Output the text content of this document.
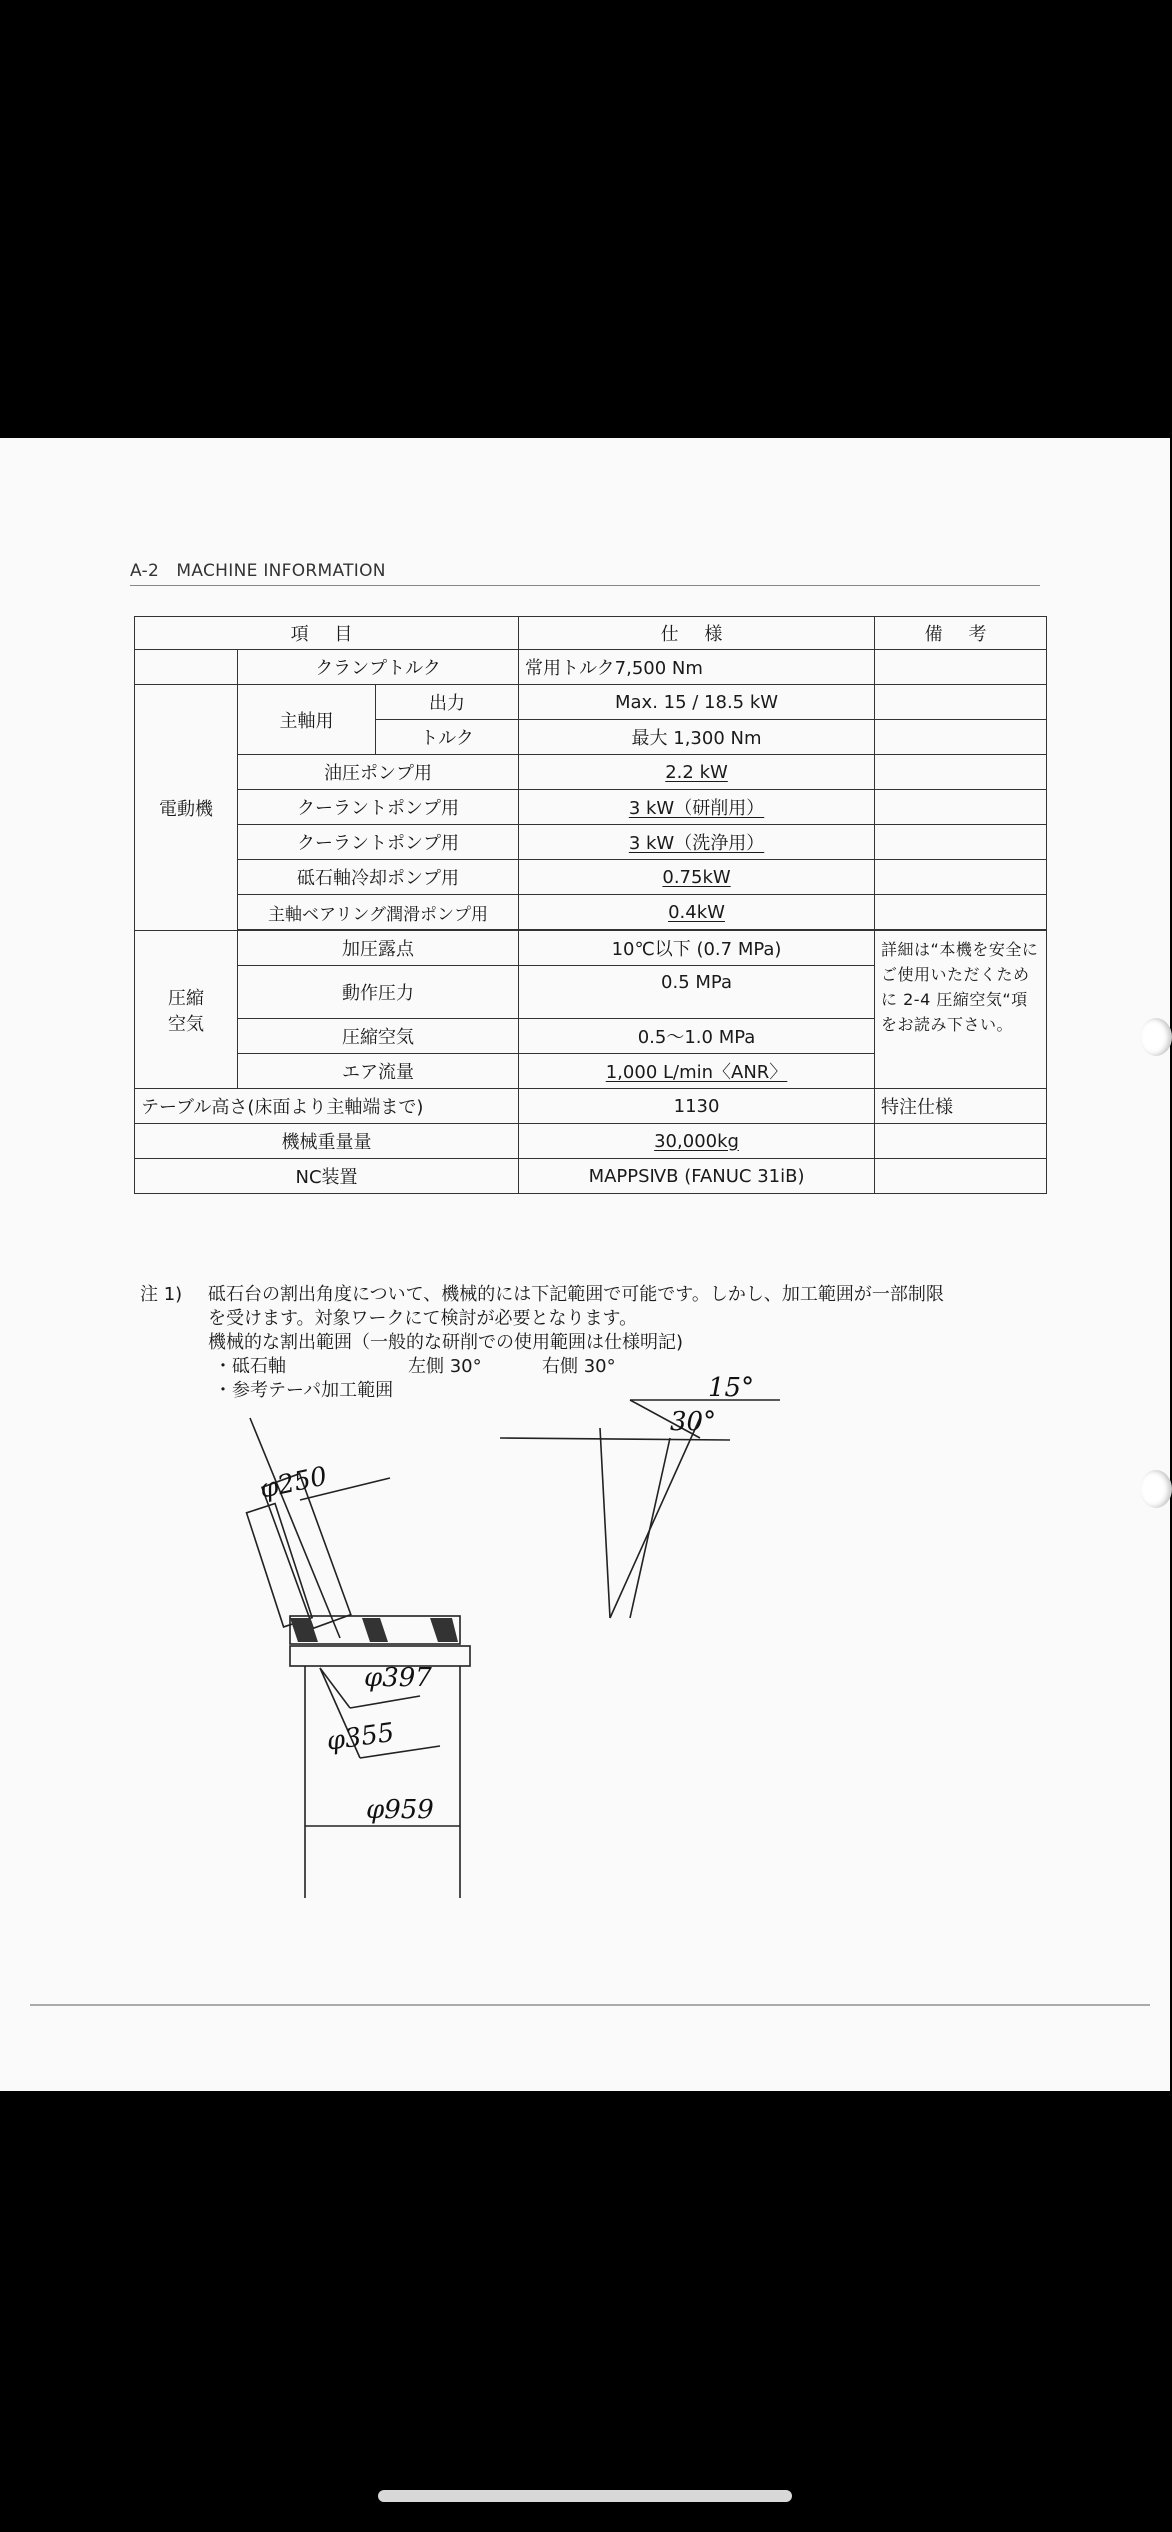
A-2　MACHINE INFORMATION
項 目			仕 様	備 考
	クランプトルク		常用トルク7,500 Nm	
電動機	主軸用	出力	Max. 15 / 18.5 kW	
		トルク	最大 1,300 Nm	
	油圧ポンプ用		2.2 kW	
	クーラントポンプ用		3 kW（研削用）	
	クーラントポンプ用		3 kW（洗浄用）	
	砥石軸冷却ポンプ用		0.75kW	
	主軸ベアリング潤滑ポンプ用		0.4kW	

圧縮
空気	加圧露点		10℃以下 (0.7 MPa)	詳細は“本機を安全にご使用いただくために 2-4 圧縮空気“項をお読み下さい。
	動作圧力		0.5 MPa	
	圧縮空気		0.5～1.0 MPa	
	エア流量		1,000 L/min〈ANR〉	
テーブル高さ(床面より主軸端まで)			1130	特注仕様
機械重量量			30,000kg	
NC装置			MAPPSⅣB (FANUC 31iB)	
注 1) 砥石台の割出角度について、機械的には下記範囲で可能です。しかし、加工範囲が一部制限
を受けます。対象ワークにて検討が必要となります。
機械的な割出範囲（一般的な研削での使用範囲は仕様明記)
・砥石軸	左側 30°	右側 30°
・参考テーパ加工範囲	15°
30°
φ250
φ397
φ355
φ959
